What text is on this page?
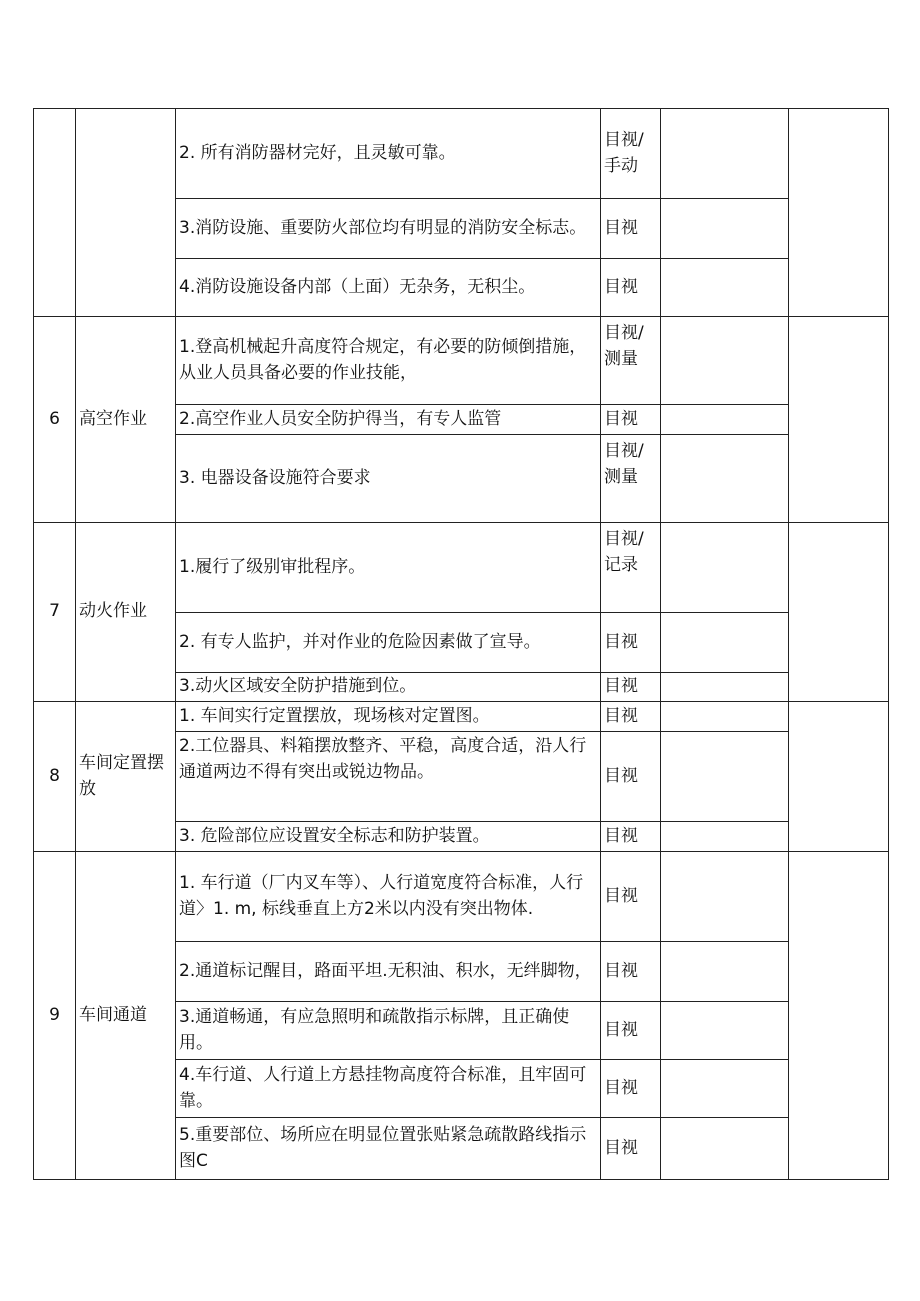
		2. 所有消防器材完好，且灵敏可靠。	目视/手动		
		3.消防设施、重要防火部位均有明显的消防安全标志。	目视		
		4.消防设施设备内部（上面）无杂务，无积尘。	目视		
6	高空作业	1.登高机械起升高度符合规定，有必要的防倾倒措施，从业人员具备必要的作业技能，	目视/测量		
		2.高空作业人员安全防护得当，有专人监管	目视		
		3. 电器设备设施符合要求	目视/测量		
7	动火作业	1.履行了级别审批程序。	目视/记录		
		2. 有专人监护，并对作业的危险因素做了宣导。	目视		
		3.动火区域安全防护措施到位。	目视		
8	车间定置摆放	1. 车间实行定置摆放，现场核对定置图。	目视		
		2.工位器具、料箱摆放整齐、平稳，高度合适，沿人行通道两边不得有突出或锐边物品。	目视		
		3. 危险部位应设置安全标志和防护装置。	目视		
9	车间通道	1. 车行道（厂内叉车等）、人行道宽度符合标准，人行道〉1. m, 标线垂直上方2米以内没有突出物体.	目视		
		2.通道标记醒目，路面平坦.无积油、积水，无绊脚物，	目视		
		3.通道畅通，有应急照明和疏散指示标牌，且正确使用。	目视		
		4.车行道、人行道上方悬挂物高度符合标准，且牢固可靠。	目视		
		5.重要部位、场所应在明显位置张贴紧急疏散路线指示图C	目视		
